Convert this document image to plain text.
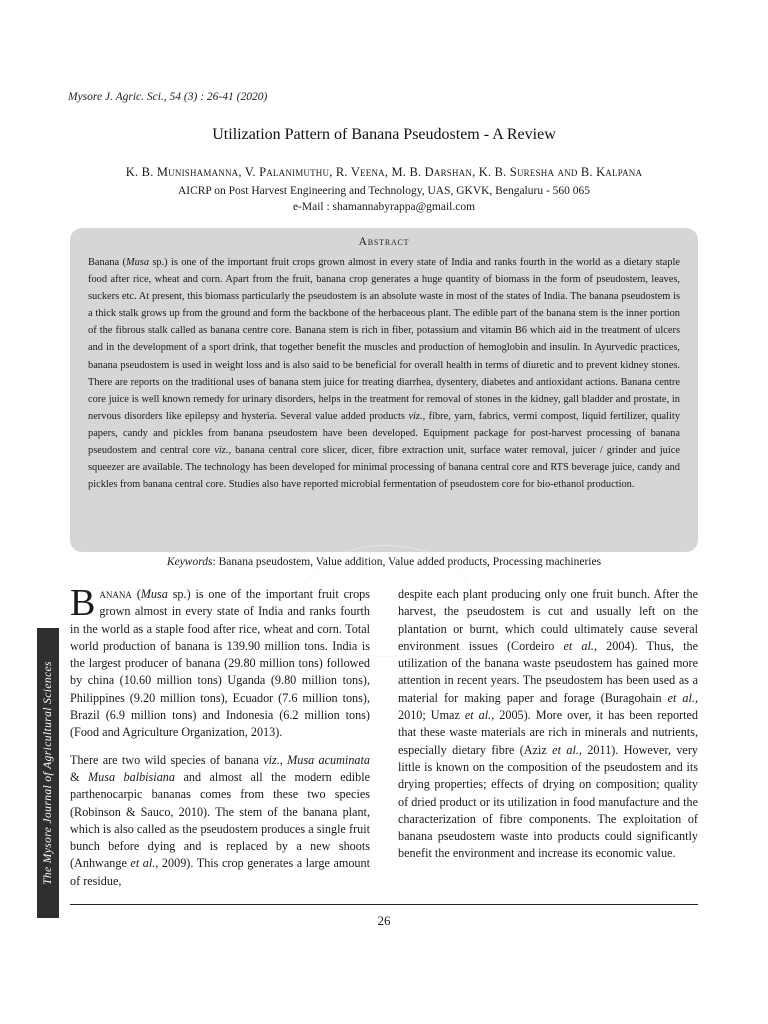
Mysore J. Agric. Sci., 54 (3) : 26-41 (2020)
Utilization Pattern of Banana Pseudostem - A Review
K. B. Munishamanna, V. Palanimuthu, R. Veena, M. B. Darshan, K. B. Suresha and B. Kalpana
AICRP on Post Harvest Engineering and Technology, UAS, GKVK, Bengaluru - 560 065
e-Mail : shamannabyrappa@gmail.com
Abstract

Banana (Musa sp.) is one of the important fruit crops grown almost in every state of India and ranks fourth in the world as a dietary staple food after rice, wheat and corn. Apart from the fruit, banana crop generates a huge quantity of biomass in the form of pseudostem, leaves, suckers etc. At present, this biomass particularly the pseudostem is an absolute waste in most of the states of India. The banana pseudostem is a thick stalk grows up from the ground and form the backbone of the herbaceous plant. The edible part of the banana stem is the inner portion of the fibrous stalk called as banana centre core. Banana stem is rich in fiber, potassium and vitamin B6 which aid in the treatment of ulcers and in the development of a sport drink, that together benefit the muscles and production of hemoglobin and insulin. In Ayurvedic practices, banana pseudostem is used in weight loss and is also said to be beneficial for overall health in terms of diuretic and to prevent kidney stones. There are reports on the traditional uses of banana stem juice for treating diarrhea, dysentery, diabetes and antioxidant actions. Banana centre core juice is well known remedy for urinary disorders, helps in the treatment for removal of stones in the kidney, gall bladder and prostate, in nervous disorders like epilepsy and hysteria. Several value added products viz., fibre, yarn, fabrics, vermi compost, liquid fertilizer, quality papers, candy and pickles from banana pseudostem have been developed. Equipment package for post-harvest processing of banana pseudostem and central core viz., banana central core slicer, dicer, fibre extraction unit, surface water removal, juicer / grinder and juice squeezer are available. The technology has been developed for minimal processing of banana central core and RTS beverage juice, candy and pickles from banana central core. Studies also have reported microbial fermentation of pseudostem core for bio-ethanol production.

Keywords: Banana pseudostem, Value addition, Value added products, Processing machineries
The Mysore Journal of Agricultural Sciences

Banana (Musa sp.) is one of the important fruit crops grown almost in every state of India and ranks fourth in the world as a staple food after rice, wheat and corn. Total world production of banana is 139.90 million tons. India is the largest producer of banana (29.80 million tons) followed by china (10.60 million tons) Uganda (9.80 million tons), Philippines (9.20 million tons), Ecuador (7.6 million tons), Brazil (6.9 million tons) and Indonesia (6.2 million tons) (Food and Agriculture Organization, 2013).

There are two wild species of banana viz., Musa acuminata & Musa balbisiana and almost all the modern edible parthenocarpic bananas comes from these two species (Robinson & Sauco, 2010). The stem of the banana plant, which is also called as the pseudostem produces a single fruit bunch before dying and is replaced by a new shoots (Anhwange et al., 2009). This crop generates a large amount of residue,

despite each plant producing only one fruit bunch. After the harvest, the pseudostem is cut and usually left on the plantation or burnt, which could ultimately cause several environment issues (Cordeiro et al., 2004). Thus, the utilization of the banana waste pseudostem has gained more attention in recent years. The pseudostem has been used as a material for making paper and forage (Buragohain et al., 2010; Umaz et al., 2005). More over, it has been reported that these waste materials are rich in minerals and nutrients, especially dietary fibre (Aziz et al., 2011). However, very little is known on the composition of the pseudostem and its drying properties; effects of drying on composition; quality of dried product or its utilization in food manufacture and the characterization of fibre components. The exploitation of banana pseudostem waste into products could significantly benefit the environment and increase its economic value.

26
